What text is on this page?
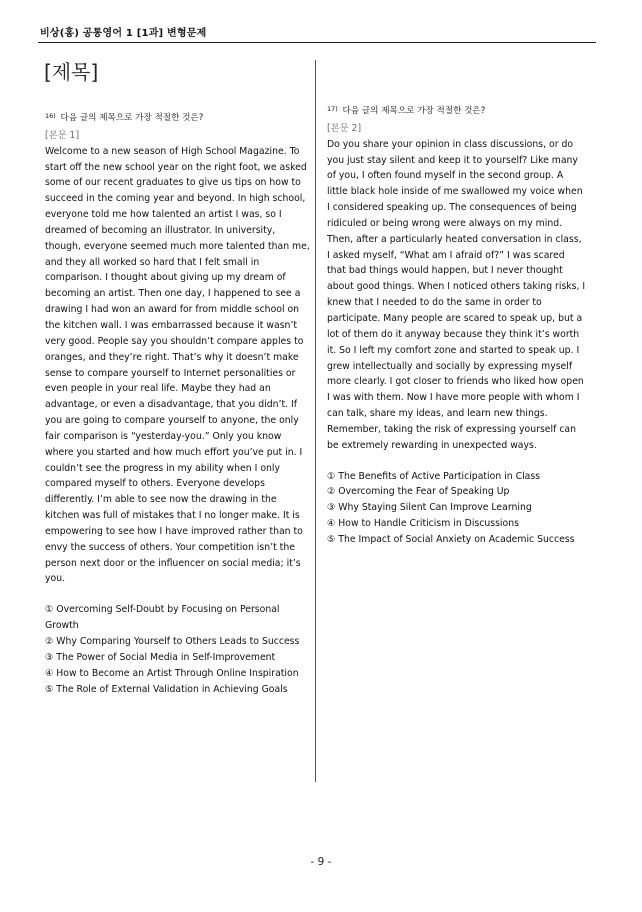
비상(홍) 공통영어 1 [1과] 변형문제
[제목]
$^{16)}$ 다음 글의 제목으로 가장 적절한 것은?
[본문 1]

Welcome to a new season of High School Magazine. To start off the new school year on the right foot, we asked some of our recent graduates to give us tips on how to succeed in the coming year and beyond. In high school, everyone told me how talented an artist I was, so I dreamed of becoming an illustrator. In university, though, everyone seemed much more talented than me, and they all worked so hard that I felt small in comparison. I thought about giving up my dream of becoming an artist. Then one day, I happened to see a drawing I had won an award for from middle school on the kitchen wall. I was embarrassed because it wasn’t very good. People say you shouldn’t compare apples to oranges, and they’re right. That’s why it doesn’t make sense to compare yourself to Internet personalities or even people in your real life. Maybe they had an advantage, or even a disadvantage, that you didn’t. If you are going to compare yourself to anyone, the only fair comparison is “yesterday-you.” Only you know where you started and how much effort you’ve put in. I couldn’t see the progress in my ability when I only compared myself to others. Everyone develops differently. I’m able to see now the drawing in the kitchen was full of mistakes that I no longer make. It is empowering to see how I have improved rather than to envy the success of others. Your competition isn’t the person next door or the influencer on social media; it’s you.

① Overcoming Self-Doubt by Focusing on Personal Growth
② Why Comparing Yourself to Others Leads to Success
③ The Power of Social Media in Self-Improvement
④ How to Become an Artist Through Online Inspiration
⑤ The Role of External Validation in Achieving Goals
$^{17)}$ 다음 글의 제목으로 가장 적절한 것은?
[본문 2]

Do you share your opinion in class discussions, or do you just stay silent and keep it to yourself? Like many of you, I often found myself in the second group. A little black hole inside of me swallowed my voice when I considered speaking up. The consequences of being ridiculed or being wrong were always on my mind. Then, after a particularly heated conversation in class, I asked myself, “What am I afraid of?” I was scared that bad things would happen, but I never thought about good things. When I noticed others taking risks, I knew that I needed to do the same in order to participate. Many people are scared to speak up, but a lot of them do it anyway because they think it’s worth it. So I left my comfort zone and started to speak up. I grew intellectually and socially by expressing myself more clearly. I got closer to friends who liked how open I was with them. Now I have more people with whom I can talk, share my ideas, and learn new things. Remember, taking the risk of expressing yourself can be extremely rewarding in unexpected ways.

① The Benefits of Active Participation in Class
② Overcoming the Fear of Speaking Up
③ Why Staying Silent Can Improve Learning
④ How to Handle Criticism in Discussions
⑤ The Impact of Social Anxiety on Academic Success
- 9 -
